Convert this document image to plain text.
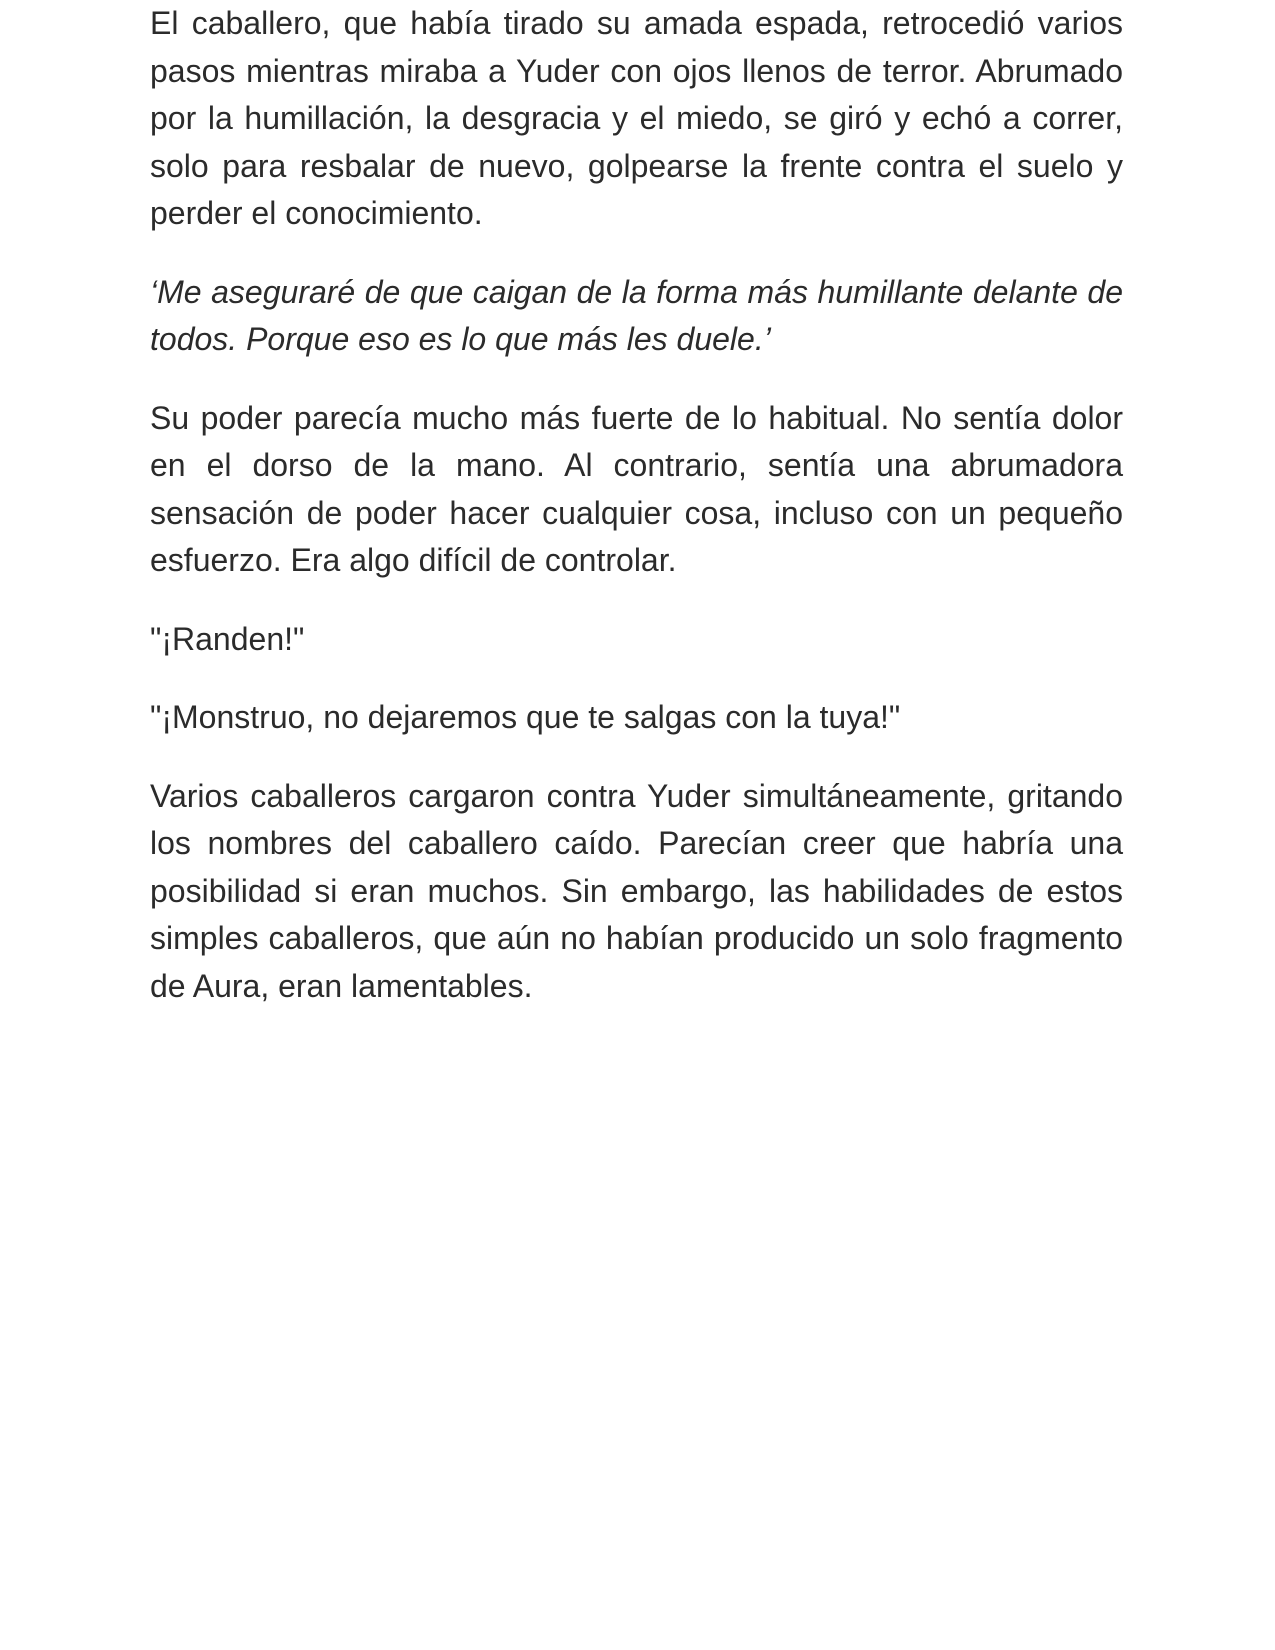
El caballero, que había tirado su amada espada, retrocedió varios pasos mientras miraba a Yuder con ojos llenos de terror. Abrumado por la humillación, la desgracia y el miedo, se giró y echó a correr, solo para resbalar de nuevo, golpearse la frente contra el suelo y perder el conocimiento.

‘Me aseguraré de que caigan de la forma más humillante delante de todos. Porque eso es lo que más les duele.’

Su poder parecía mucho más fuerte de lo habitual. No sentía dolor en el dorso de la mano. Al contrario, sentía una abrumadora sensación de poder hacer cualquier cosa, incluso con un pequeño esfuerzo. Era algo difícil de controlar.

"¡Randen!"

"¡Monstruo, no dejaremos que te salgas con la tuya!"

Varios caballeros cargaron contra Yuder simultáneamente, gritando los nombres del caballero caído. Parecían creer que habría una posibilidad si eran muchos. Sin embargo, las habilidades de estos simples caballeros, que aún no habían producido un solo fragmento de Aura, eran lamentables.
